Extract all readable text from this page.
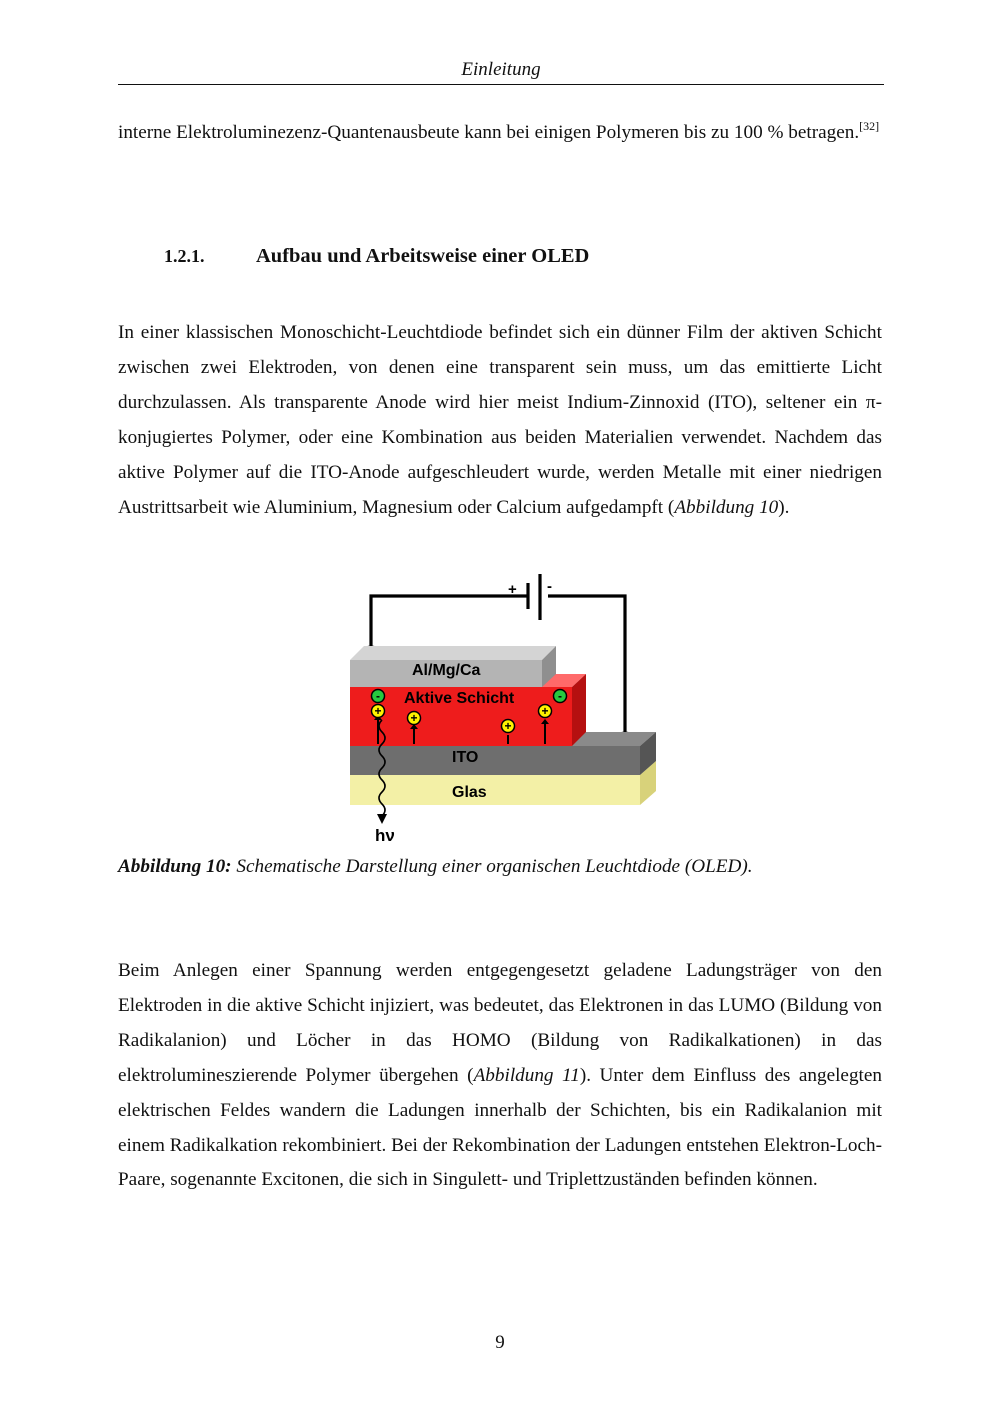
Einleitung

interne Elektroluminezenz-Quantenausbeute kann bei einigen Polymeren bis zu 100 % betragen.[32]

1.2.1.	Aufbau und Arbeitsweise einer OLED

In einer klassischen Monoschicht-Leuchtdiode befindet sich ein dünner Film der aktiven Schicht zwischen zwei Elektroden, von denen eine transparent sein muss, um das emittierte Licht durchzulassen. Als transparente Anode wird hier meist Indium-Zinnoxid (ITO), seltener ein π-konjugiertes Polymer, oder eine Kombination aus beiden Materialien verwendet. Nachdem das aktive Polymer auf die ITO-Anode aufgeschleudert wurde, werden Metalle mit einer niedrigen Austrittsarbeit wie Aluminium, Magnesium oder Calcium aufgedampft (Abbildung 10).

+ -
Glas
ITO
Aktive Schicht
Al/Mg/Ca
-	-
+ +
+
+
hν
Abbildung 10: Schematische Darstellung einer organischen Leuchtdiode (OLED).

Beim Anlegen einer Spannung werden entgegengesetzt geladene Ladungsträger von den Elektroden in die aktive Schicht injiziert, was bedeutet, das Elektronen in das LUMO (Bildung von Radikalanion) und Löcher in das HOMO (Bildung von Radikalkationen) in das elektrolumineszierende Polymer übergehen (Abbildung 11). Unter dem Einfluss des angelegten elektrischen Feldes wandern die Ladungen innerhalb der Schichten, bis ein Radikalanion mit einem Radikalkation rekombiniert. Bei der Rekombination der Ladungen entstehen Elektron-Loch-Paare, sogenannte Excitonen, die sich in Singulett- und Triplettzuständen befinden können.

9
